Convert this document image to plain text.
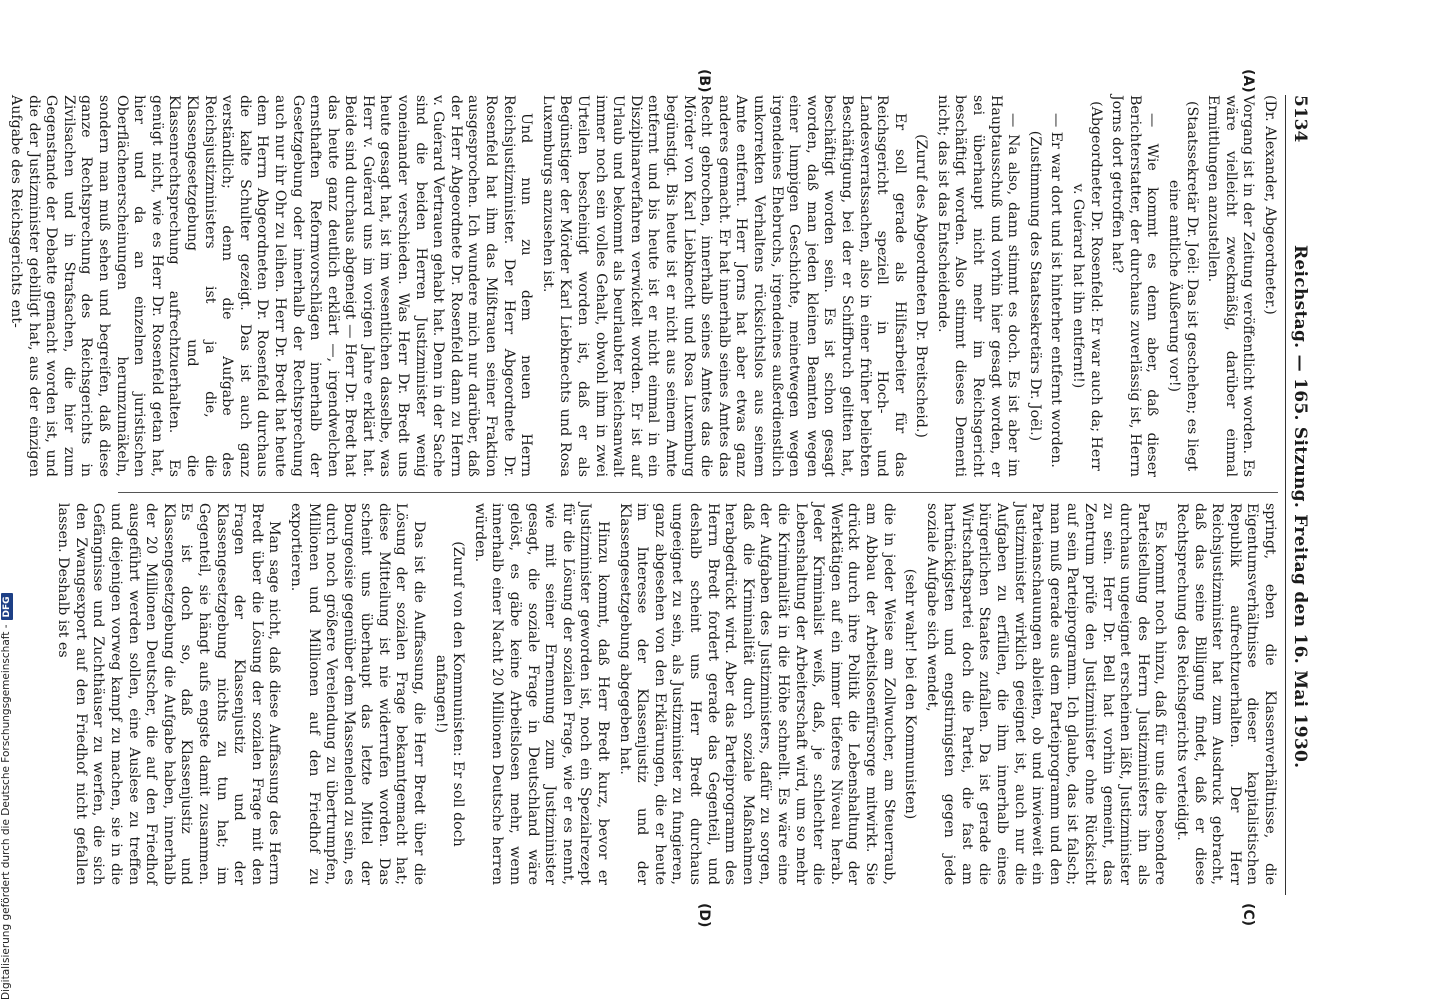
5134
Reichstag. — 165. Sitzung. Freitag den 16. Mai 1930.
(A)
(B)
(C)
(D)

(Dr. Alexander, Abgeordneter.)

Vorgang ist in der Zeitung veröffentlicht worden. Es wäre vielleicht zweckmäßig, darüber einmal Ermittlungen anzustellen.

(Staatssekretär Dr. Joël: Das ist geschehen; es liegt eine amtliche Äußerung vor!)

— Wie kommt es denn aber, daß dieser Berichterstatter, der durchaus zuverlässig ist, Herrn Jorns dort getroffen hat?

(Abgeordneter Dr. Rosenfeld: Er war auch da; Herr v. Guérard hat ihn entfernt!)

— Er war dort und ist hinterher entfernt worden.

(Zustimmung des Staatssekretärs Dr. Joël.)

— Na also, dann stimmt es doch. Es ist aber im Hauptausschuß und vorhin hier gesagt worden, er sei überhaupt nicht mehr im Reichsgericht beschäftigt worden. Also stimmt dieses Dementi nicht; das ist das Entscheidende.

(Zuruf des Abgeordneten Dr. Breitscheid.)

Er soll gerade als Hilfsarbeiter für das Reichsgericht speziell in Hoch- und Landesverratssachen, also in einer früher beliebten Beschäftigung, bei der er Schiffbruch gelitten hat, beschäftigt worden sein. Es ist schon gesagt worden, daß man jeden kleinen Beamten wegen einer lumpigen Geschichte, meinetwegen wegen irgendeines Ehebruchs, irgendeines außerdienstlich unkorrekten Verhaltens rücksichtslos aus seinem Amte entfernt. Herr Jorns hat aber etwas ganz anderes gemacht. Er hat innerhalb seines Amtes das Recht gebrochen, innerhalb seines Amtes das die Mörder von Karl Liebknecht und Rosa Luxemburg begünstigt. Bis heute ist er nicht aus seinem Amte entfernt und bis heute ist er nicht einmal in ein Disziplinarverfahren verwickelt worden. Er ist auf Urlaub und bekommt als beurlaubter Reichsanwalt immer noch sein volles Gehalt, obwohl ihm in zwei Urteilen bescheinigt worden ist, daß er als Begünstiger der Mörder Karl Liebknechts und Rosa Luxemburgs anzusehen ist.

Und nun zu dem neuen Herrn Reichsjustizminister. Der Herr Abgeordnete Dr. Rosenfeld hat ihm das Mißtrauen seiner Fraktion ausgesprochen. Ich wundere mich nur darüber, daß der Herr Abgeordnete Dr. Rosenfeld dann zu Herrn v. Guérard Vertrauen gehabt hat. Denn in der Sache sind die beiden Herren Justizminister wenig voneinander verschieden. Was Herr Dr. Bredt uns heute gesagt hat, ist im wesentlichen dasselbe, was Herr v. Guérard uns im vorigen Jahre erklärt hat. Beide sind durchaus abgeneigt — Herr Dr. Bredt hat das heute ganz deutlich erklärt —, irgendwelchen ernsthaften Reformvorschlägen innerhalb der Gesetzgebung oder innerhalb der Rechtsprechung auch nur ihr Ohr zu leihen. Herr Dr. Bredt hat heute dem Herrn Abgeordneten Dr. Rosenfeld durchaus die kalte Schulter gezeigt. Das ist auch ganz verständlich; denn die Aufgabe des Reichsjustizministers ist ja die, die Klassengesetzgebung und die Klassenrechtsprechung aufrechtzuerhalten. Es genügt nicht, wie es Herr Dr. Rosenfeld getan hat, hier und da an einzelnen juristischen Oberflächenerscheinungen herumzumäkeln, sondern man muß sehen und begreifen, daß diese ganze Rechtsprechung des Reichsgerichts in Zivilsachen und in Strafsachen, die hier zum Gegenstande der Debatte gemacht worden ist, und die der Justizminister gebilligt hat, aus der einzigen Aufgabe des Reichsgerichts ent-

springt, eben die Klassenverhältnisse, die Eigentumsverhältnisse dieser kapitalistischen Republik aufrechtzuerhalten. Der Herr Reichsjustizminister hat zum Ausdruck gebracht, daß das seine Billigung findet, daß er diese Rechtsprechung des Reichsgerichts verteidigt.

Es kommt noch hinzu, daß für uns die besondere Parteistellung des Herrn Justizministers ihn als durchaus ungeeignet erscheinen läßt, Justizminister zu sein. Herr Dr. Bell hat vorhin gemeint, das Zentrum prüfe den Justizminister ohne Rücksicht auf sein Parteiprogramm. Ich glaube, das ist falsch; man muß gerade aus dem Parteiprogramm und den Parteianschauungen ableiten, ob und inwieweit ein Justizminister wirklich geeignet ist, auch nur die Aufgaben zu erfüllen, die ihm innerhalb eines bürgerlichen Staates zufallen. Da ist gerade die Wirtschaftspartei doch die Partei, die fast am hartnäckigsten und engstirnigsten gegen jede soziale Aufgabe sich wendet,

(sehr wahr! bei den Kommunisten)

die in jeder Weise am Zollwucher, am Steuerraub, am Abbau der Arbeitslosenfürsorge mitwirkt. Sie drückt durch ihre Politik die Lebenshaltung der Werktätigen auf ein immer tieferes Niveau herab. Jeder Kriminalist weiß, daß, je schlechter die Lebenshaltung der Arbeiterschaft wird, um so mehr die Kriminalität in die Höhe schnellt. Es wäre eine der Aufgaben des Justizministers, dafür zu sorgen, daß die Kriminalität durch soziale Maßnahmen herabgedrückt wird. Aber das Parteiprogramm des Herrn Bredt fordert gerade das Gegenteil, und deshalb scheint uns Herr Bredt durchaus ungeeignet zu sein, als Justizminister zu fungieren, ganz abgesehen von den Erklärungen, die er heute im Interesse der Klassenjustiz und der Klassengesetzgebung abgegeben hat.

Hinzu kommt, daß Herr Bredt kurz, bevor er Justizminister geworden ist, noch ein Spezialrezept für die Lösung der sozialen Frage, wie er es nennt, wie mit seiner Ernennung zum Justizminister gesagt, die soziale Frage in Deutschland wäre gelöst, es gäbe keine Arbeitslosen mehr, wenn innerhalb einer Nacht 20 Millionen Deutsche herren würden.

(Zuruf von den Kommunisten: Er soll doch anfangen!)

Das ist die Auffassung, die Herr Bredt über die Lösung der sozialen Frage bekanntgemacht hat; diese Mitteilung ist nie widerrufen worden. Das scheint uns überhaupt das letzte Mittel der Bourgeoisie gegenüber dem Massenelend zu sein, es durch noch größere Verelendung zu übertrumpfen, Millionen und Millionen auf den Friedhof zu exportieren.

Man sage nicht, daß diese Auffassung des Herrn Bredt über die Lösung der sozialen Frage mit den Fragen der Klassenjustiz und der Klassengesetzgebung nichts zu tun hat; im Gegenteil, sie hängt aufs engste damit zusammen. Es ist doch so, daß Klassenjustiz und Klassengesetzgebung die Aufgabe haben, innerhalb der 20 Millionen Deutscher, die auf den Friedhof ausgeführt werden sollen, eine Auslese zu treffen und diejenigen vorweg kampf zu machen, sie in die Gefängnisse und Zuchthäuser zu werfen, die sich den Zwangsexport auf den Friedhof nicht gefallen lassen. Deshalb ist es

Digitalisierung gefördert durch die Deutsche Forschungsgemeinschaft -DFG
